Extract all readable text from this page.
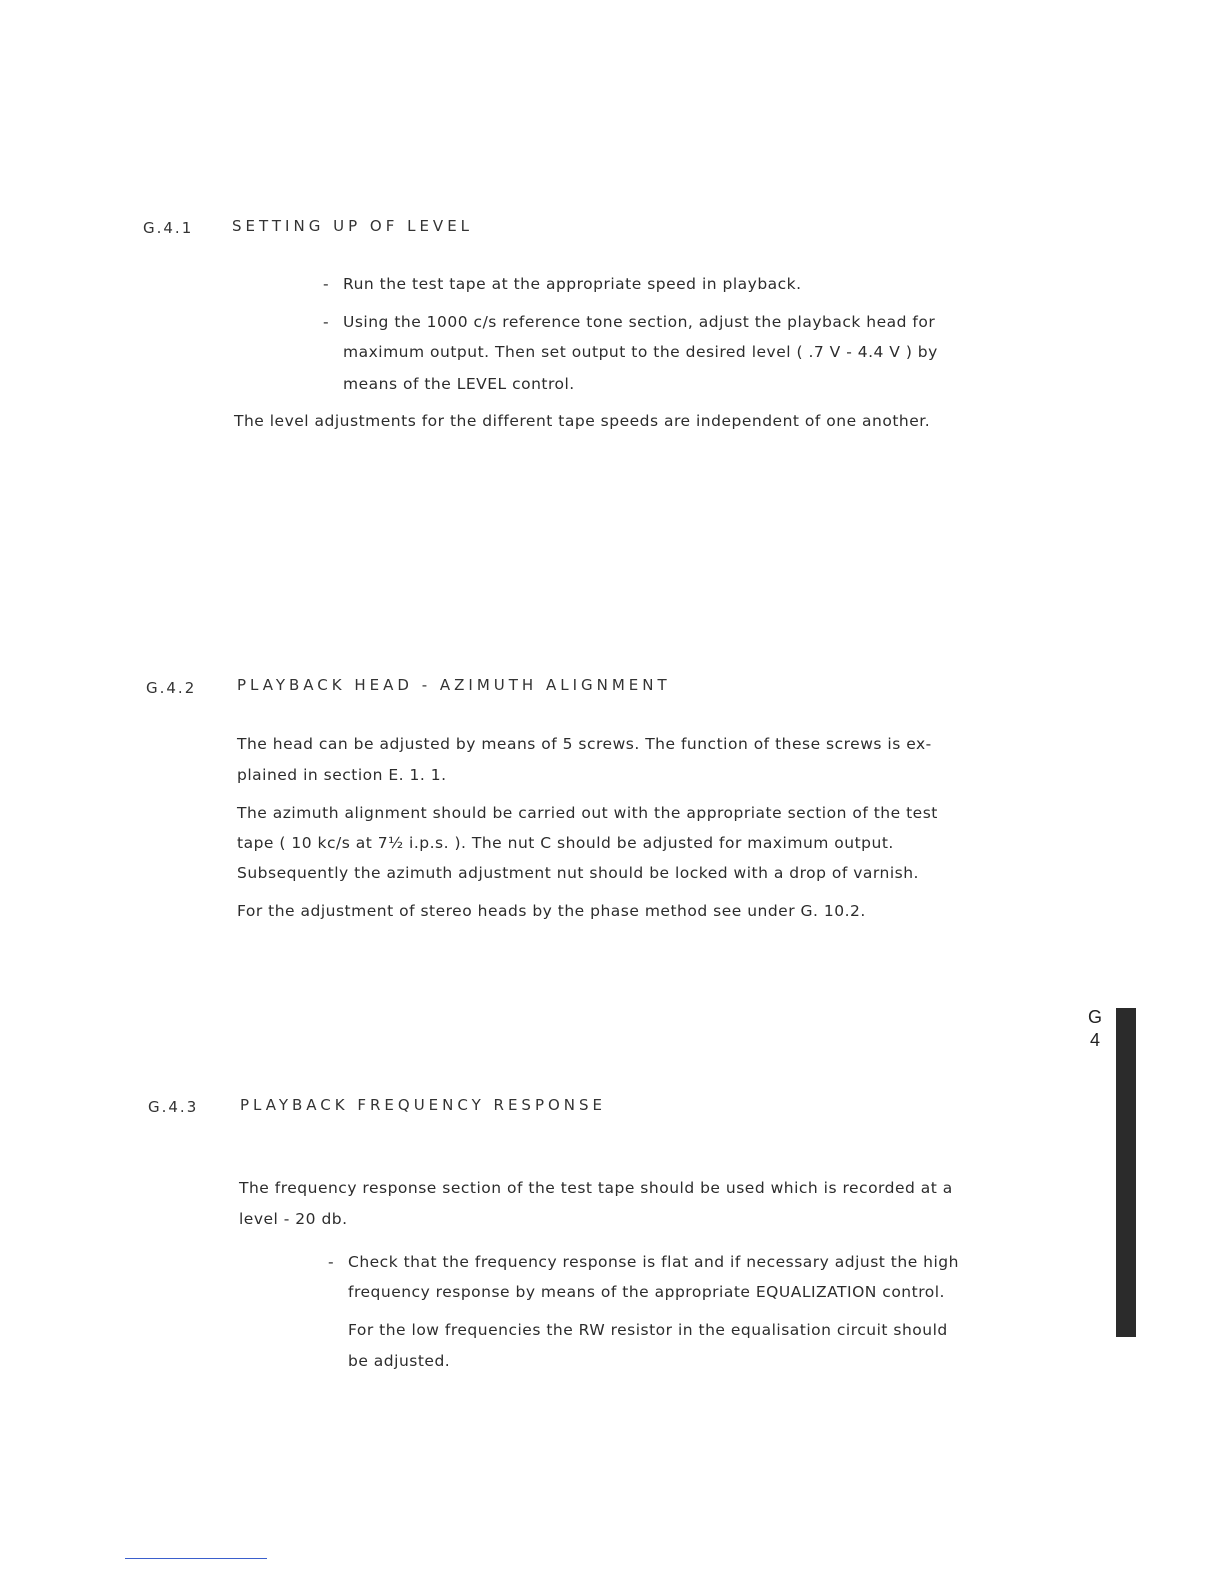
G.4.1	SETTING UP OF LEVEL
- Run the test tape at the appropriate speed in playback.
- Using the 1000 c/s reference tone section, adjust the playback head for
maximum output. Then set output to the desired level ( .7 V - 4.4 V ) by
means of the LEVEL control.
The level adjustments for the different tape speeds are independent of one another.
G.4.2	PLAYBACK HEAD - AZIMUTH ALIGNMENT
The head can be adjusted by means of 5 screws. The function of these screws is ex-
plained in section E. 1. 1.
The azimuth alignment should be carried out with the appropriate section of the test
tape ( 10 kc/s at 7½ i.p.s. ). The nut C should be adjusted for maximum output.
Subsequently the azimuth adjustment nut should be locked with a drop of varnish.
For the adjustment of stereo heads by the phase method see under G. 10.2.
G
4
G.4.3	PLAYBACK FREQUENCY RESPONSE
The frequency response section of the test tape should be used which is recorded at a
level - 20 db.
- Check that the frequency response is flat and if necessary adjust the high
frequency response by means of the appropriate EQUALIZATION control.
For the low frequencies the RW resistor in the equalisation circuit should
be adjusted.
